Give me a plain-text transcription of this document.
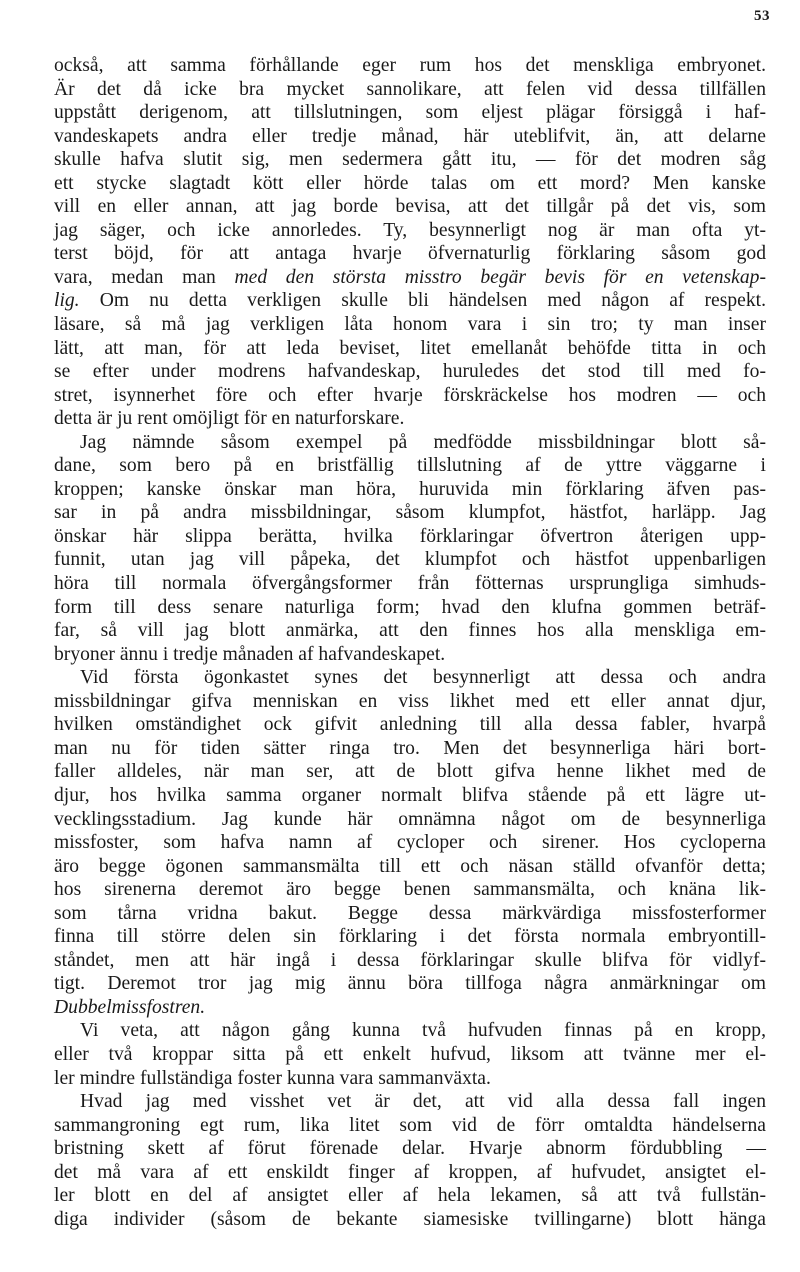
53
också, att samma förhållande eger rum hos det menskliga embryonet.
Är det då icke bra mycket sannolikare, att felen vid dessa tillfällen
uppstått derigenom, att tillslutningen, som eljest plägar försiggå i haf-
vandeskapets andra eller tredje månad, här uteblifvit, än, att delarne
skulle hafva slutit sig, men sedermera gått itu, — för det modren såg
ett stycke slagtadt kött eller hörde talas om ett mord? Men kanske
vill en eller annan, att jag borde bevisa, att det tillgår på det vis, som
jag säger, och icke annorledes. Ty, besynnerligt nog är man ofta yt-
terst böjd, för att antaga hvarje öfvernaturlig förklaring såsom god
vara, medan man med den största misstro begär bevis för en vetenskap-
lig. Om nu detta verkligen skulle bli händelsen med någon af respekt.
läsare, så må jag verkligen låta honom vara i sin tro; ty man inser
lätt, att man, för att leda beviset, litet emellanåt behöfde titta in och
se efter under modrens hafvandeskap, huruledes det stod till med fo-
stret, isynnerhet före och efter hvarje förskräckelse hos modren — och
detta är ju rent omöjligt för en naturforskare.
Jag nämnde såsom exempel på medfödde missbildningar blott så-
dane, som bero på en bristfällig tillslutning af de yttre väggarne i
kroppen; kanske önskar man höra, huruvida min förklaring äfven pas-
sar in på andra missbildningar, såsom klumpfot, hästfot, harläpp. Jag
önskar här slippa berätta, hvilka förklaringar öfvertron återigen upp-
funnit, utan jag vill påpeka, det klumpfot och hästfot uppenbarligen
höra till normala öfvergångsformer från fötternas ursprungliga simhuds-
form till dess senare naturliga form; hvad den klufna gommen beträf-
far, så vill jag blott anmärka, att den finnes hos alla menskliga em-
bryoner ännu i tredje månaden af hafvandeskapet.
Vid första ögonkastet synes det besynnerligt att dessa och andra
missbildningar gifva menniskan en viss likhet med ett eller annat djur,
hvilken omständighet ock gifvit anledning till alla dessa fabler, hvarpå
man nu för tiden sätter ringa tro. Men det besynnerliga häri bort-
faller alldeles, när man ser, att de blott gifva henne likhet med de
djur, hos hvilka samma organer normalt blifva stående på ett lägre ut-
vecklingsstadium. Jag kunde här omnämna något om de besynnerliga
missfoster, som hafva namn af cycloper och sirener. Hos cycloperna
äro begge ögonen sammansmälta till ett och näsan ställd ofvanför detta;
hos sirenerna deremot äro begge benen sammansmälta, och knäna lik-
som tårna vridna bakut. Begge dessa märkvärdiga missfosterformer
finna till större delen sin förklaring i det första normala embryontill-
ståndet, men att här ingå i dessa förklaringar skulle blifva för vidlyf-
tigt. Deremot tror jag mig ännu böra tillfoga några anmärkningar om
Dubbelmissfostren.
Vi veta, att någon gång kunna två hufvuden finnas på en kropp,
eller två kroppar sitta på ett enkelt hufvud, liksom att tvänne mer el-
ler mindre fullständiga foster kunna vara sammanväxta.
Hvad jag med visshet vet är det, att vid alla dessa fall ingen
sammangroning egt rum, lika litet som vid de förr omtaldta händelserna
bristning skett af förut förenade delar. Hvarje abnorm fördubbling —
det må vara af ett enskildt finger af kroppen, af hufvudet, ansigtet el-
ler blott en del af ansigtet eller af hela lekamen, så att två fullstän-
diga individer (såsom de bekante siamesiske tvillingarne) blott hänga
